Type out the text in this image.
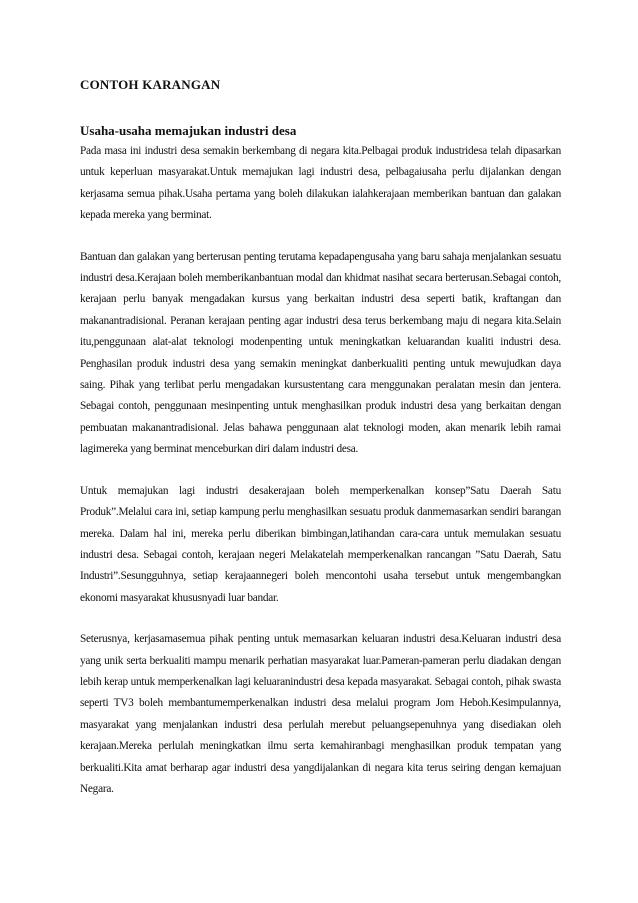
CONTOH KARANGAN
Usaha-usaha memajukan industri desa

Pada masa ini industri desa semakin berkembang di negara kita.Pelbagai produk industridesa telah dipasarkan untuk keperluan masyarakat.Untuk memajukan lagi industri desa, pelbagaiusaha perlu dijalankan dengan kerjasama semua pihak.Usaha pertama yang boleh dilakukan ialahkerajaan memberikan bantuan dan galakan kepada mereka yang berminat.

Bantuan dan galakan yang berterusan penting terutama kepadapengusaha yang baru sahaja menjalankan sesuatu industri desa.Kerajaan boleh memberikanbantuan modal dan khidmat nasihat secara berterusan.Sebagai contoh, kerajaan perlu banyak mengadakan kursus yang berkaitan industri desa seperti batik, kraftangan dan makanantradisional. Peranan kerajaan penting agar industri desa terus berkembang maju di negara kita.Selain itu,penggunaan alat-alat teknologi modenpenting untuk meningkatkan keluarandan kualiti industri desa. Penghasilan produk industri desa yang semakin meningkat danberkualiti penting untuk mewujudkan daya saing. Pihak yang terlibat perlu mengadakan kursustentang cara menggunakan peralatan mesin dan jentera. Sebagai contoh, penggunaan mesinpenting untuk menghasilkan produk industri desa yang berkaitan dengan pembuatan makanantradisional. Jelas bahawa penggunaan alat teknologi moden, akan menarik lebih ramai lagimereka yang berminat menceburkan diri dalam industri desa.

Untuk memajukan lagi industri desakerajaan boleh memperkenalkan konsep”Satu Daerah Satu Produk”.Melalui cara ini, setiap kampung perlu menghasilkan sesuatu produk danmemasarkan sendiri barangan mereka. Dalam hal ini, mereka perlu diberikan bimbingan,latihandan cara-cara untuk memulakan sesuatu industri desa. Sebagai contoh, kerajaan negeri Melakatelah memperkenalkan rancangan ”Satu Daerah, Satu Industri”.Sesungguhnya, setiap kerajaannegeri boleh mencontohi usaha tersebut untuk mengembangkan ekonomi masyarakat khususnyadi luar bandar.

Seterusnya, kerjasamasemua pihak penting untuk memasarkan keluaran industri desa.Keluaran industri desa yang unik serta berkualiti mampu menarik perhatian masyarakat luar.Pameran-pameran perlu diadakan dengan lebih kerap untuk memperkenalkan lagi keluaranindustri desa kepada masyarakat. Sebagai contoh, pihak swasta seperti TV3 boleh membantumemperkenalkan industri desa melalui program Jom Heboh.Kesimpulannya, masyarakat yang menjalankan industri desa perlulah merebut peluangsepenuhnya yang disediakan oleh kerajaan.Mereka perlulah meningkatkan ilmu serta kemahiranbagi menghasilkan produk tempatan yang berkualiti.Kita amat berharap agar industri desa yangdijalankan di negara kita terus seiring dengan kemajuan Negara.
